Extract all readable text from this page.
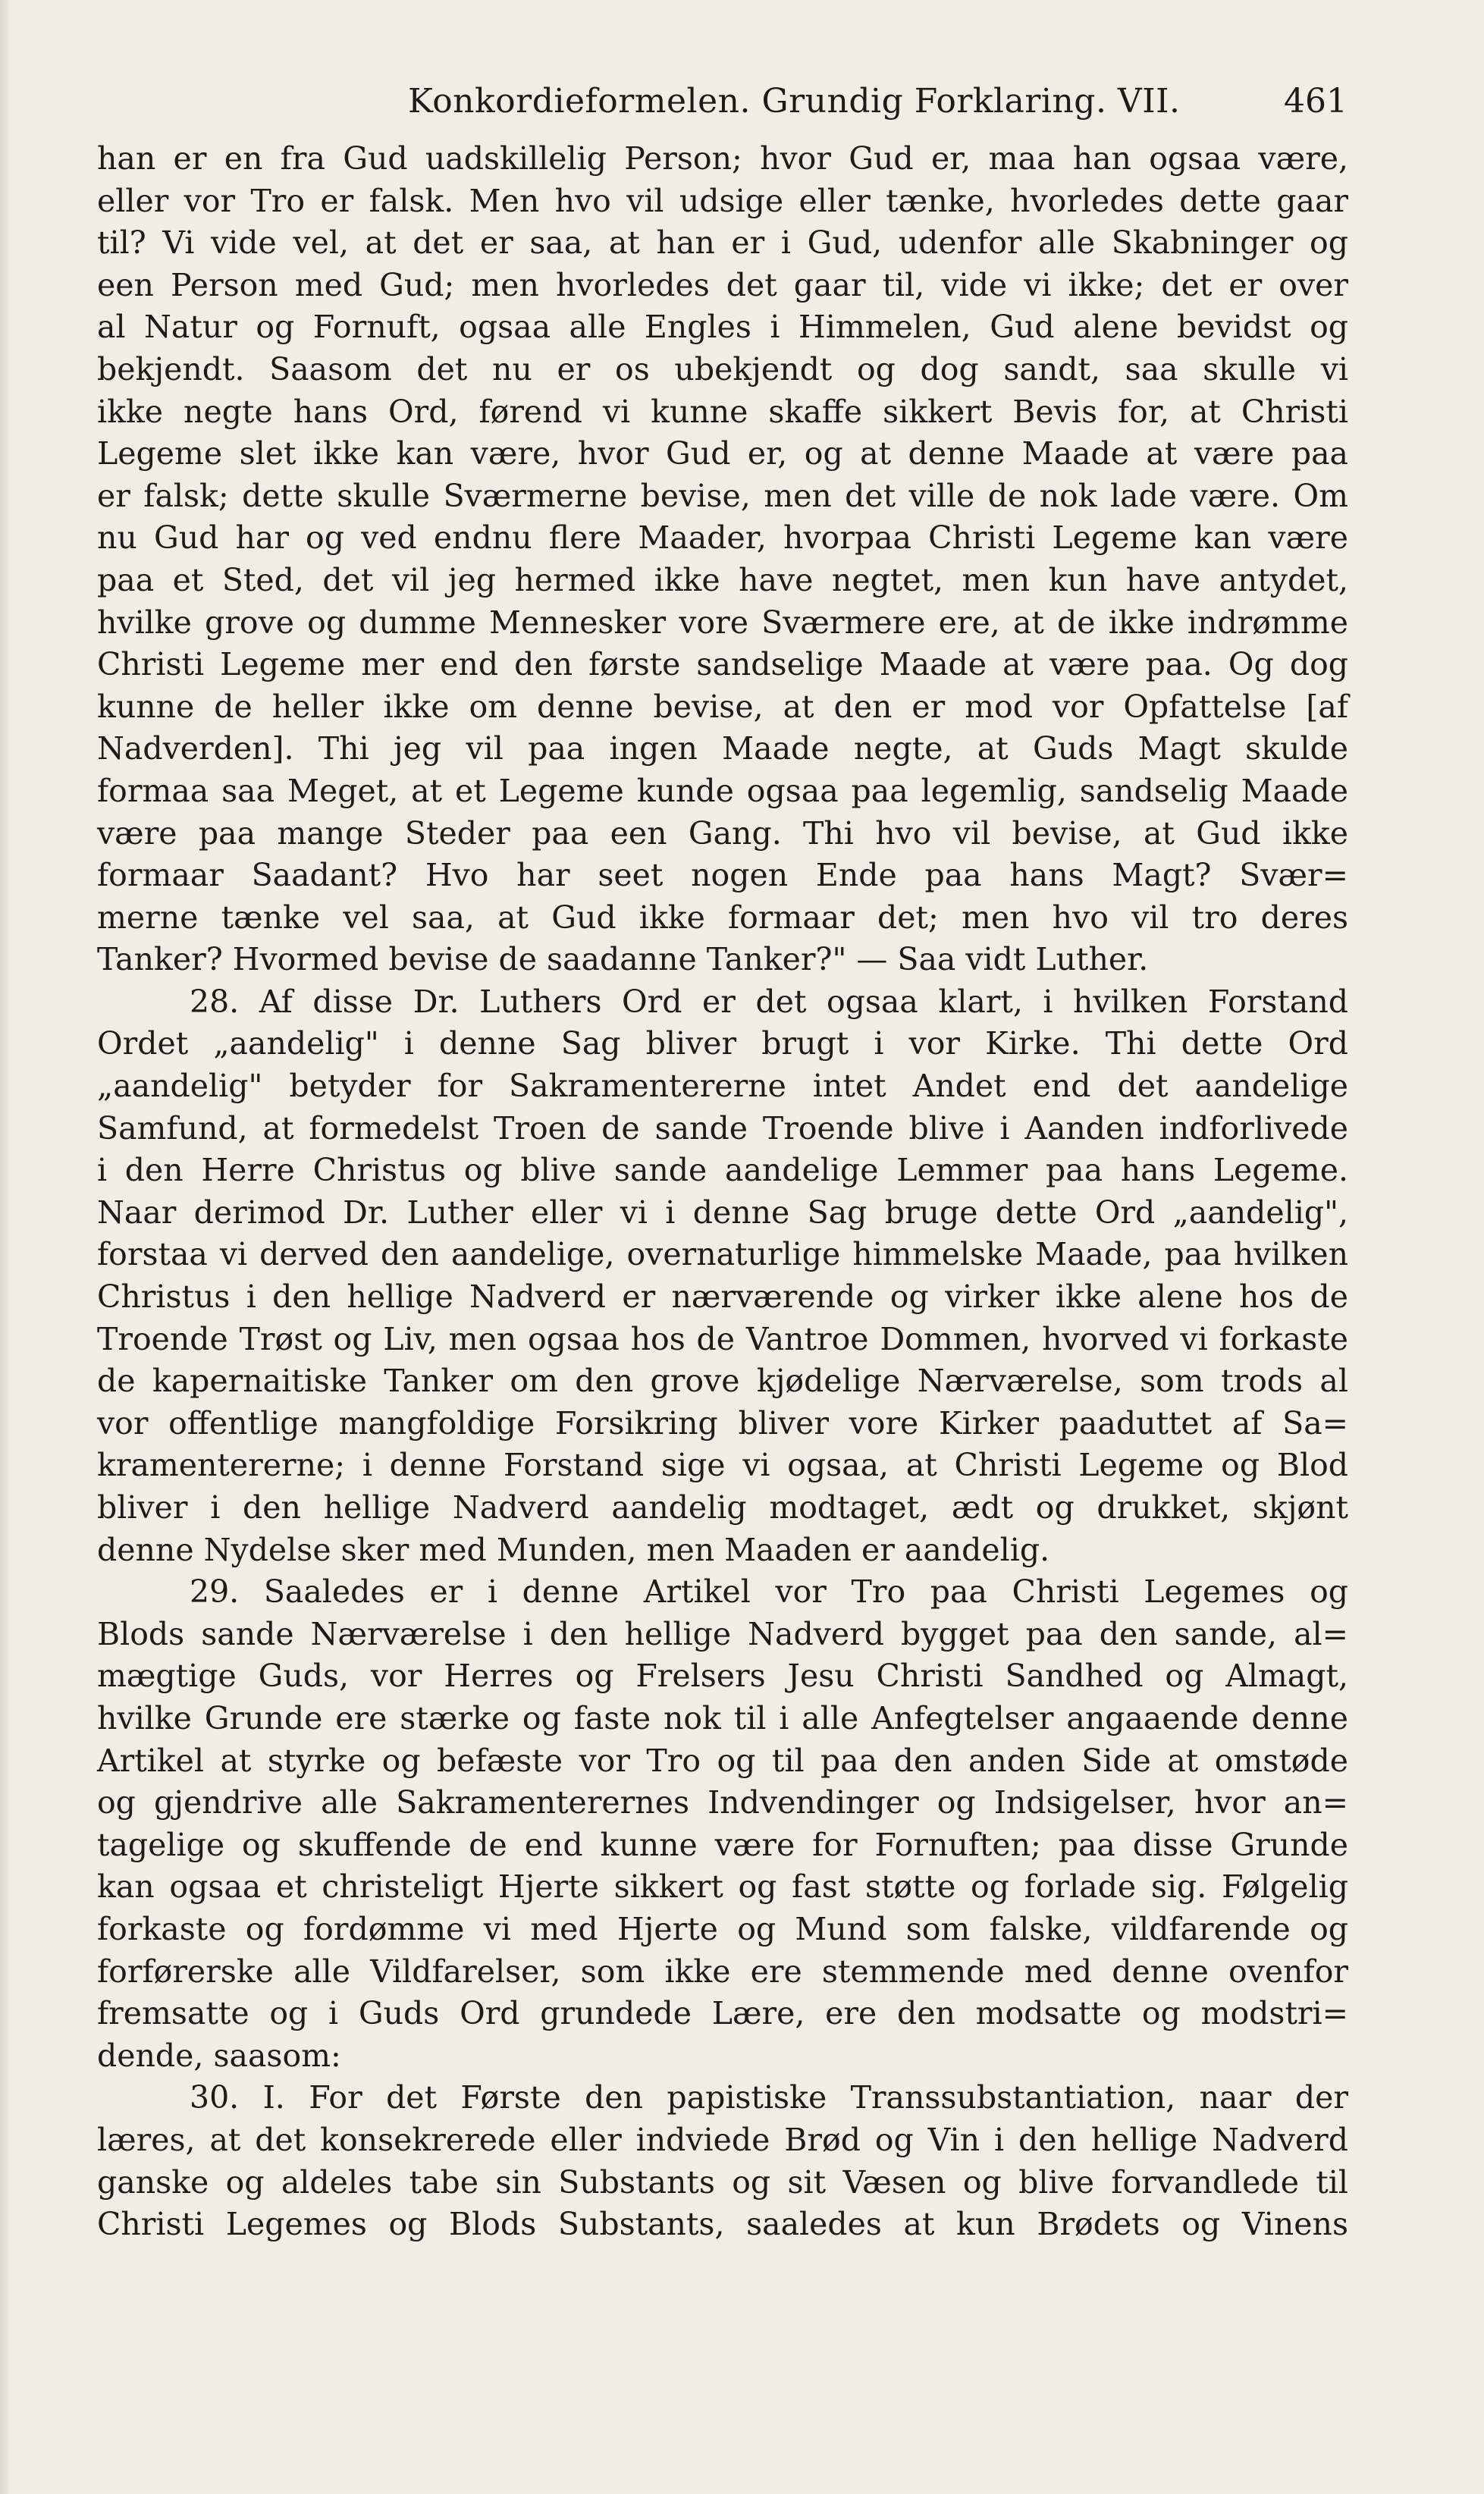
Konkordieformelen. Grundig Forklaring. VII.	461
han er en fra Gud uadskillelig Person; hvor Gud er, maa han ogsaa være,
eller vor Tro er falsk. Men hvo vil udsige eller tænke, hvorledes dette gaar
til? Vi vide vel, at det er saa, at han er i Gud, udenfor alle Skabninger og
een Person med Gud; men hvorledes det gaar til, vide vi ikke; det er over
al Natur og Fornuft, ogsaa alle Engles i Himmelen, Gud alene bevidst og
bekjendt. Saasom det nu er os ubekjendt og dog sandt, saa skulle vi
ikke negte hans Ord, førend vi kunne skaffe sikkert Bevis for, at Christi
Legeme slet ikke kan være, hvor Gud er, og at denne Maade at være paa
er falsk; dette skulle Sværmerne bevise, men det ville de nok lade være. Om
nu Gud har og ved endnu flere Maader, hvorpaa Christi Legeme kan være
paa et Sted, det vil jeg hermed ikke have negtet, men kun have antydet,
hvilke grove og dumme Mennesker vore Sværmere ere, at de ikke indrømme
Christi Legeme mer end den første sandselige Maade at være paa. Og dog
kunne de heller ikke om denne bevise, at den er mod vor Opfattelse [af
Nadverden]. Thi jeg vil paa ingen Maade negte, at Guds Magt skulde
formaa saa Meget, at et Legeme kunde ogsaa paa legemlig, sandselig Maade
være paa mange Steder paa een Gang. Thi hvo vil bevise, at Gud ikke
formaar Saadant? Hvo har seet nogen Ende paa hans Magt? Svær=
merne tænke vel saa, at Gud ikke formaar det; men hvo vil tro deres
Tanker? Hvormed bevise de saadanne Tanker?" — Saa vidt Luther.
28. Af disse Dr. Luthers Ord er det ogsaa klart, i hvilken Forstand
Ordet „aandelig" i denne Sag bliver brugt i vor Kirke. Thi dette Ord
„aandelig" betyder for Sakramentererne intet Andet end det aandelige
Samfund, at formedelst Troen de sande Troende blive i Aanden indforlivede
i den Herre Christus og blive sande aandelige Lemmer paa hans Legeme.
Naar derimod Dr. Luther eller vi i denne Sag bruge dette Ord „aandelig",
forstaa vi derved den aandelige, overnaturlige himmelske Maade, paa hvilken
Christus i den hellige Nadverd er nærværende og virker ikke alene hos de
Troende Trøst og Liv, men ogsaa hos de Vantroe Dommen, hvorved vi forkaste
de kapernaitiske Tanker om den grove kjødelige Nærværelse, som trods al
vor offentlige mangfoldige Forsikring bliver vore Kirker paaduttet af Sa=
kramentererne; i denne Forstand sige vi ogsaa, at Christi Legeme og Blod
bliver i den hellige Nadverd aandelig modtaget, ædt og drukket, skjønt
denne Nydelse sker med Munden, men Maaden er aandelig.
29. Saaledes er i denne Artikel vor Tro paa Christi Legemes og
Blods sande Nærværelse i den hellige Nadverd bygget paa den sande, al=
mægtige Guds, vor Herres og Frelsers Jesu Christi Sandhed og Almagt,
hvilke Grunde ere stærke og faste nok til i alle Anfegtelser angaaende denne
Artikel at styrke og befæste vor Tro og til paa den anden Side at omstøde
og gjendrive alle Sakramenterernes Indvendinger og Indsigelser, hvor an=
tagelige og skuffende de end kunne være for Fornuften; paa disse Grunde
kan ogsaa et christeligt Hjerte sikkert og fast støtte og forlade sig. Følgelig
forkaste og fordømme vi med Hjerte og Mund som falske, vildfarende og
forførerske alle Vildfarelser, som ikke ere stemmende med denne ovenfor
fremsatte og i Guds Ord grundede Lære, ere den modsatte og modstri=
dende, saasom:
30. I. For det Første den papistiske Transsubstantiation, naar der
læres, at det konsekrerede eller indviede Brød og Vin i den hellige Nadverd
ganske og aldeles tabe sin Substants og sit Væsen og blive forvandlede til
Christi Legemes og Blods Substants, saaledes at kun Brødets og Vinens
